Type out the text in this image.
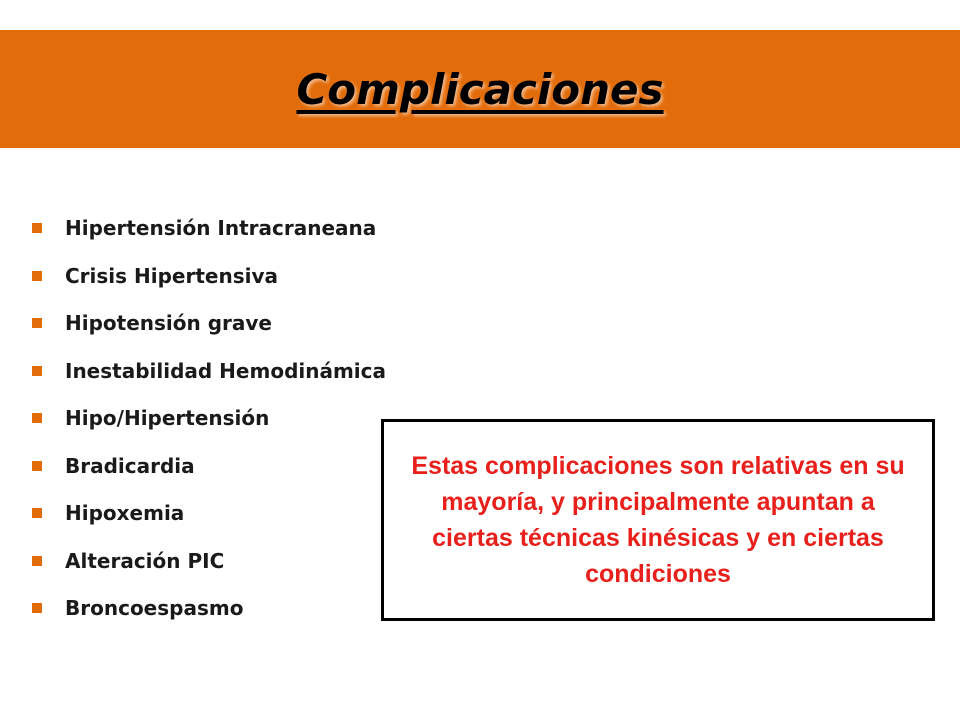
Complicaciones
Hipertensión Intracraneana
Crisis Hipertensiva
Hipotensión grave
Inestabilidad Hemodinámica
Hipo/Hipertensión
Bradicardia
Hipoxemia
Alteración PIC
Broncoespasmo
Estas complicaciones son relativas en su mayoría, y principalmente apuntan a ciertas técnicas kinésicas y en ciertas condiciones
